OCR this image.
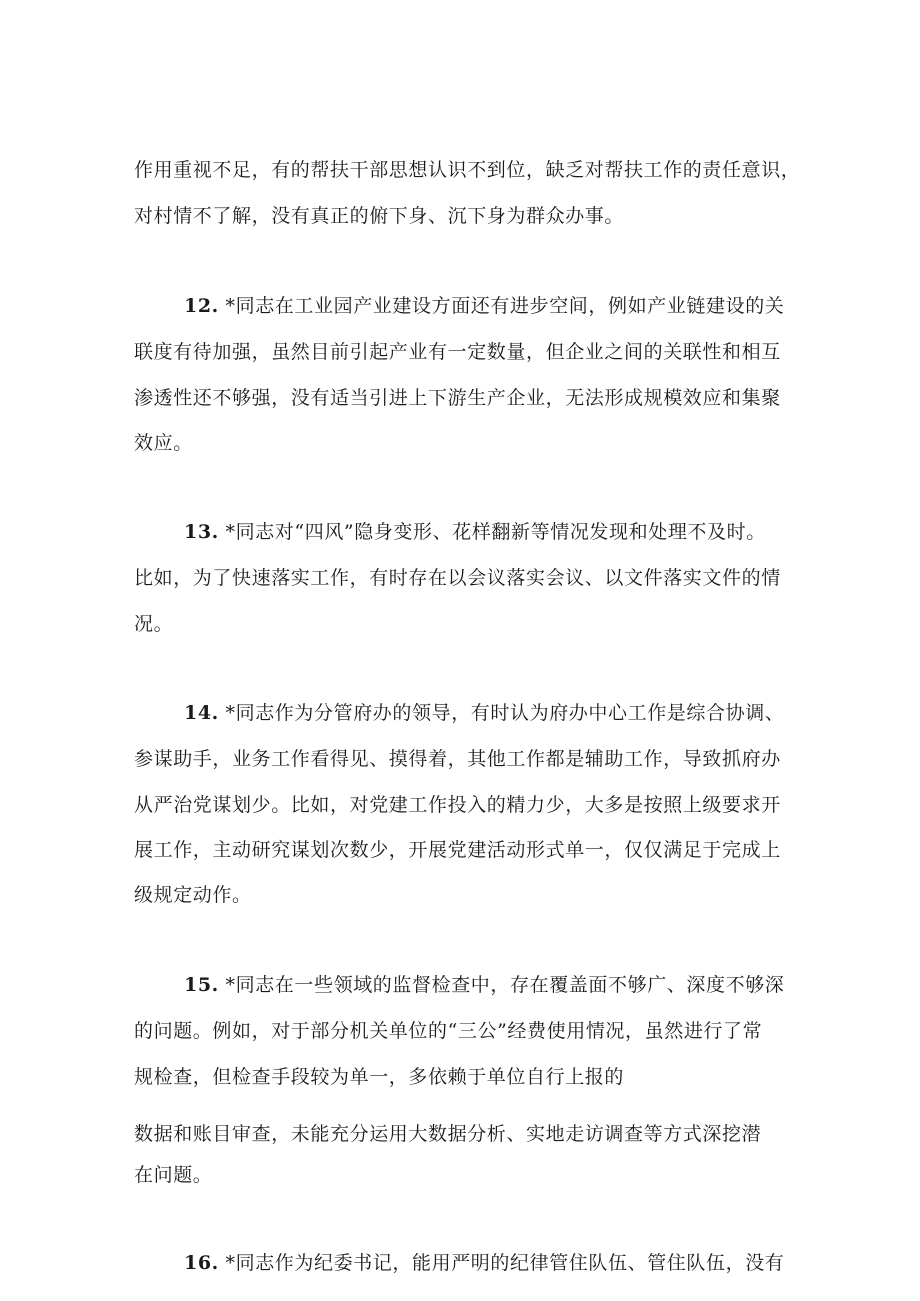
作用重视不足，有的帮扶干部思想认识不到位，缺乏对帮扶工作的责任意识，
对村情不了解，没有真正的俯下身、沉下身为群众办事。
12. *同志在工业园产业建设方面还有进步空间，例如产业链建设的关
联度有待加强，虽然目前引起产业有一定数量，但企业之间的关联性和相互
渗透性还不够强，没有适当引进上下游生产企业，无法形成规模效应和集聚
效应。
13. *同志对“四风”隐身变形、花样翻新等情况发现和处理不及时。
比如，为了快速落实工作，有时存在以会议落实会议、以文件落实文件的情
况。
14. *同志作为分管府办的领导，有时认为府办中心工作是综合协调、
参谋助手，业务工作看得见、摸得着，其他工作都是辅助工作，导致抓府办
从严治党谋划少。比如，对党建工作投入的精力少，大多是按照上级要求开
展工作，主动研究谋划次数少，开展党建活动形式单一，仅仅满足于完成上
级规定动作。
15. *同志在一些领域的监督检查中，存在覆盖面不够广、深度不够深
的问题。例如，对于部分机关单位的“三公”经费使用情况，虽然进行了常
规检查，但检查手段较为单一，多依赖于单位自行上报的
数据和账目审查，未能充分运用大数据分析、实地走访调查等方式深挖潜
在问题。
16. *同志作为纪委书记，能用严明的纪律管住队伍、管住队伍，没有
